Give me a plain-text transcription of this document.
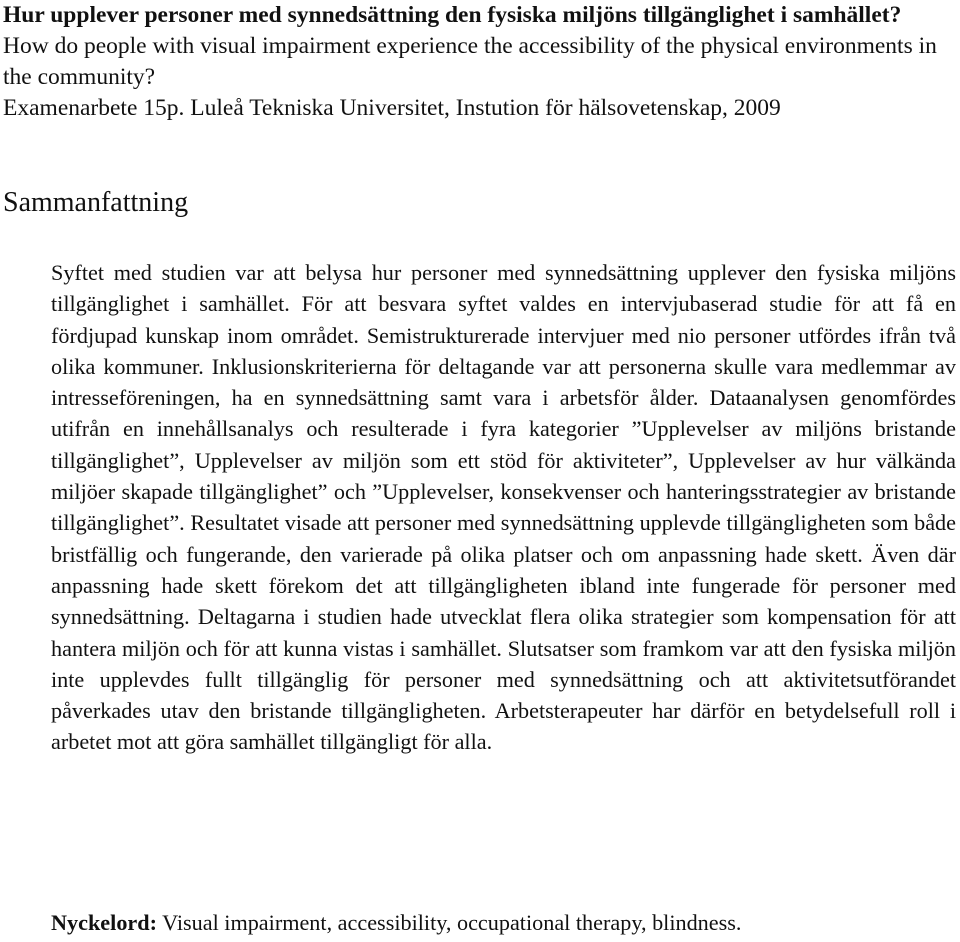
Hur upplever personer med synnedsättning den fysiska miljöns tillgänglighet i samhället?
How do people with visual impairment experience the accessibility of the physical environments in the community?
Examenarbete 15p. Luleå Tekniska Universitet, Instution för hälsovetenskap, 2009
Sammanfattning

Syftet med studien var att belysa hur personer med synnedsättning upplever den fysiska miljöns tillgänglighet i samhället. För att besvara syftet valdes en intervjubaserad studie för att få en fördjupad kunskap inom området. Semistrukturerade intervjuer med nio personer utfördes ifrån två olika kommuner. Inklusionskriterierna för deltagande var att personerna skulle vara medlemmar av intresseföreningen, ha en synnedsättning samt vara i arbetsför ålder. Dataanalysen genomfördes utifrån en innehållsanalys och resulterade i fyra kategorier ”Upplevelser av miljöns bristande tillgänglighet”, Upplevelser av miljön som ett stöd för aktiviteter”, Upplevelser av hur välkända miljöer skapade tillgänglighet” och ”Upplevelser, konsekvenser och hanteringsstrategier av bristande tillgänglighet”. Resultatet visade att personer med synnedsättning upplevde tillgängligheten som både bristfällig och fungerande, den varierade på olika platser och om anpassning hade skett. Även där anpassning hade skett förekom det att tillgängligheten ibland inte fungerade för personer med synnedsättning. Deltagarna i studien hade utvecklat flera olika strategier som kompensation för att hantera miljön och för att kunna vistas i samhället. Slutsatser som framkom var att den fysiska miljön inte upplevdes fullt tillgänglig för personer med synnedsättning och att aktivitetsutförandet påverkades utav den bristande tillgängligheten. Arbetsterapeuter har därför en betydelsefull roll i arbetet mot att göra samhället tillgängligt för alla.

Nyckelord: Visual impairment, accessibility, occupational therapy, blindness.
